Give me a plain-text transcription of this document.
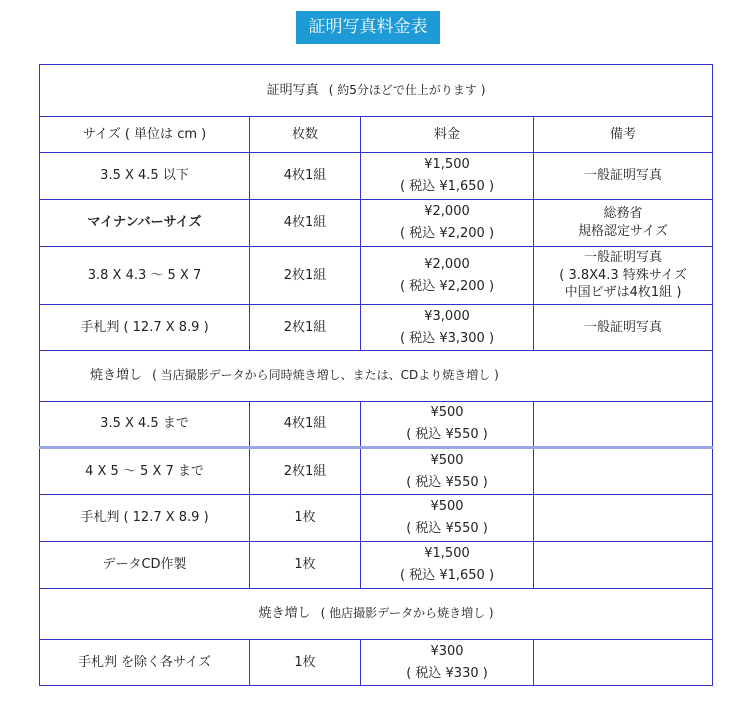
証明写真料金表
証明写真 ( 約5分ほどで仕上がります )			
サイズ ( 単位は cm )	枚数	料金	備考
3.5 X 4.5 以下	4枚1組	¥1,500
( 税込 ¥1,650 )	一般証明写真

マイナンバーサイズ	4枚1組	¥2,000
( 税込 ¥2,200 )	総務省
規格認定サイズ

3.8 X 4.3 ～ 5 X 7	2枚1組	¥2,000
( 税込 ¥2,200 )	一般証明写真
( 3.8X4.3 特殊サイズ
中国ビザは4枚1組 )

手札判 ( 12.7 X 8.9 )	2枚1組	¥3,000
( 税込 ¥3,300 )	一般証明写真

焼き増し ( 当店撮影データから同時焼き増し、または、CDより焼き増し )			
3.5 X 4.5 まで	4枚1組	¥500
( 税込 ¥550 )	

4 X 5 ～ 5 X 7 まで	2枚1組	¥500
( 税込 ¥550 )	

手札判 ( 12.7 X 8.9 )	1枚	¥500
( 税込 ¥550 )	

データCD作製	1枚	¥1,500
( 税込 ¥1,650 )	

焼き増し ( 他店撮影データから焼き増し )			
手札判 を除く各サイズ	1枚	¥300
( 税込 ¥330 )	
